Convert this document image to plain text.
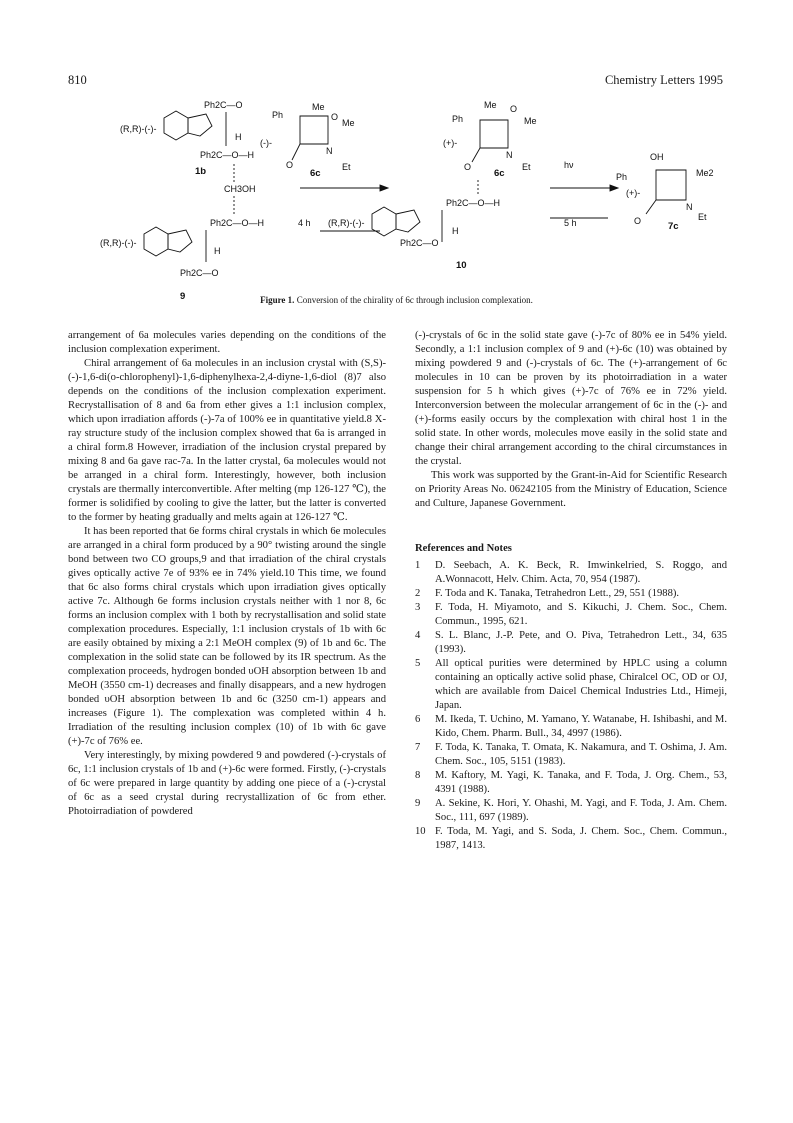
810	Chemistry Letters 1995
(R,R)-(-)-
Ph2C—O
Ph2C—O—H
H
1b
CH3OH
Ph2C—O—H
(R,R)-(-)-
H
Ph2C—O
9
(-)-
Ph
Me
Me
O
N
Et
O
6c
4 h
Ph
Me
Me
(+)-
O
N
Et
O
6c
Ph2C—O—H
(R,R)-(-)-
H
Ph2C—O
10
hν
5 h
OH
Ph	Me2
N
Et
(+)-
O	7c
Figure 1. Conversion of the chirality of 6c through inclusion complexation.

arrangement of 6a molecules varies depending on the conditions of the inclusion complexation experiment.

Chiral arrangement of 6a molecules in an inclusion crystal with (S,S)-(-)-1,6-di(o-chlorophenyl)-1,6-diphenylhexa-2,4-diyne-1,6-diol (8)7 also depends on the conditions of the inclusion complexation experiment. Recrystallisation of 8 and 6a from ether gives a 1:1 inclusion complex, which upon irradiation affords (-)-7a of 100% ee in quantitative yield.8 X-ray structure study of the inclusion complex showed that 6a is arranged in a chiral form.8 However, irradiation of the inclusion crystal prepared by mixing 8 and 6a gave rac-7a. In the latter crystal, 6a molecules would not be arranged in a chiral form. Interestingly, however, both inclusion crystals are thermally interconvertible. After melting (mp 126-127 ℃), the former is solidified by cooling to give the latter, but the latter is converted to the former by heating gradually and melts again at 126-127 ℃.

It has been reported that 6e forms chiral crystals in which 6e molecules are arranged in a chiral form produced by a 90° twisting around the single bond between two CO groups,9 and that irradiation of the chiral crystals gives optically active 7e of 93% ee in 74% yield.10 This time, we found that 6c also forms chiral crystals which upon irradiation gives optically active 7c. Although 6e forms inclusion crystals neither with 1 nor 8, 6c forms an inclusion complex with 1 both by recrystallisation and solid state complexation procedures. Especially, 1:1 inclusion crystals of 1b with 6c are easily obtained by mixing a 2:1 MeOH complex (9) of 1b and 6c. The complexation in the solid state can be followed by its IR spectrum. As the complexation proceeds, hydrogen bonded υOH absorption between 1b and MeOH (3550 cm-1) decreases and finally disappears, and a new hydrogen bonded υOH absorption between 1b and 6c (3250 cm-1) appears and increases (Figure 1). The complexation was completed within 4 h. Irradiation of the resulting inclusion complex (10) of 1b with 6c gave (+)-7c of 76% ee.

Very interestingly, by mixing powdered 9 and powdered (-)-crystals of 6c, 1:1 inclusion crystals of 1b and (+)-6c were formed. Firstly, (-)-crystals of 6c were prepared in large quantity by adding one piece of a (-)-crystal of 6c as a seed crystal during recrystallization of 6c from ether. Photoirradiation of powdered

(-)-crystals of 6c in the solid state gave (-)-7c of 80% ee in 54% yield. Secondly, a 1:1 inclusion complex of 9 and (+)-6c (10) was obtained by mixing powdered 9 and (-)-crystals of 6c. The (+)-arrangement of 6c molecules in 10 can be proven by its photoirradiation in a water suspension for 5 h which gives (+)-7c of 76% ee in 72% yield. Interconversion between the molecular arrangement of 6c in the (-)- and (+)-forms easily occurs by the complexation with chiral host 1 in the solid state. In other words, molecules move easily in the solid state and change their chiral arrangement according to the chiral circumstances in the crystal.

This work was supported by the Grant-in-Aid for Scientific Research on Priority Areas No. 06242105 from the Ministry of Education, Science and Culture, Japanese Government.

References and Notes
1	D. Seebach, A. K. Beck, R. Imwinkelried, S. Roggo, and A.Wonnacott, Helv. Chim. Acta, 70, 954 (1987).
2	F. Toda and K. Tanaka, Tetrahedron Lett., 29, 551 (1988).
3	F. Toda, H. Miyamoto, and S. Kikuchi, J. Chem. Soc., Chem. Commun., 1995, 621.
4	S. L. Blanc, J.-P. Pete, and O. Piva, Tetrahedron Lett., 34, 635 (1993).
5	All optical purities were determined by HPLC using a column containing an optically active solid phase, Chiralcel OC, OD or OJ, which are available from Daicel Chemical Industries Ltd., Himeji, Japan.
6	M. Ikeda, T. Uchino, M. Yamano, Y. Watanabe, H. Ishibashi, and M. Kido, Chem. Pharm. Bull., 34, 4997 (1986).
7	F. Toda, K. Tanaka, T. Omata, K. Nakamura, and T. Oshima, J. Am. Chem. Soc., 105, 5151 (1983).
8	M. Kaftory, M. Yagi, K. Tanaka, and F. Toda, J. Org. Chem., 53, 4391 (1988).
9	A. Sekine, K. Hori, Y. Ohashi, M. Yagi, and F. Toda, J. Am. Chem. Soc., 111, 697 (1989).
10 F. Toda, M. Yagi, and S. Soda, J. Chem. Soc., Chem. Commun., 1987, 1413.
